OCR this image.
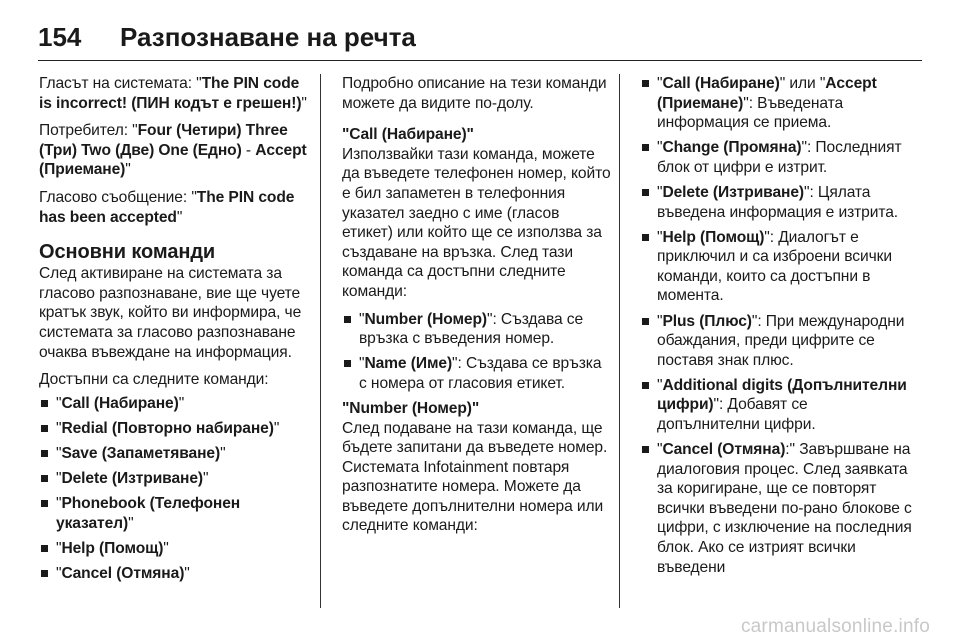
154	Разпознаване на речта

Гласът на системата: "The PIN code is incorrect! (ПИН кодът е грешен!)"

Потребител: "Four (Четири) Three (Три) Two (Две) One (Едно) - Accept (Приемане)"

Гласово съобщение: "The PIN code has been accepted"

Основни команди

След активиране на системата за гласово разпознаване, вие ще чуете кратък звук, който ви информира, че системата за гласово разпознаване очаква въвеждане на информация.

Достъпни са следните команди:

"Call (Набиране)"
"Redial (Повторно набиране)"
"Save (Запаметяване)"
"Delete (Изтриване)"
"Phonebook (Телефонен указател)"
"Help (Помощ)"
"Cancel (Отмяна)"

Подробно описание на тези команди можете да видите по-долу.

"Call (Набиране)"

Използвайки тази команда, можете да въведете телефонен номер, който е бил запаметен в телефонния указател заедно с име (гласов етикет) или който ще се използва за създаване на връзка. След тази команда са достъпни следните команди:

"Number (Номер)": Създава се връзка с въведения номер.
"Name (Име)": Създава се връзка с номера от гласовия етикет.
"Number (Номер)"

След подаване на тази команда, ще бъдете запитани да въведете номер. Системата Infotainment повтаря разпознатите номера. Можете да въведете допълнителни номера или следните команди:

"Call (Набиране)" или "Accept (Приемане)": Въведената информация се приема.
"Change (Промяна)": Последният блок от цифри е изтрит.
"Delete (Изтриване)": Цялата въведена информация е изтрита.
"Help (Помощ)": Диалогът е приключил и са изброени всички команди, които са достъпни в момента.
"Plus (Плюс)": При международни обаждания, преди цифрите се поставя знак плюс.
"Additional digits (Допълнителни цифри)": Добавят се допълнителни цифри.
"Cancel (Отмяна):" Завършване на диалоговия процес. След заявката за коригиране, ще се повторят всички въведени по-рано блокове с цифри, с изключение на последния блок. Ако се изтрият всички въведени
carmanualsonline.info
